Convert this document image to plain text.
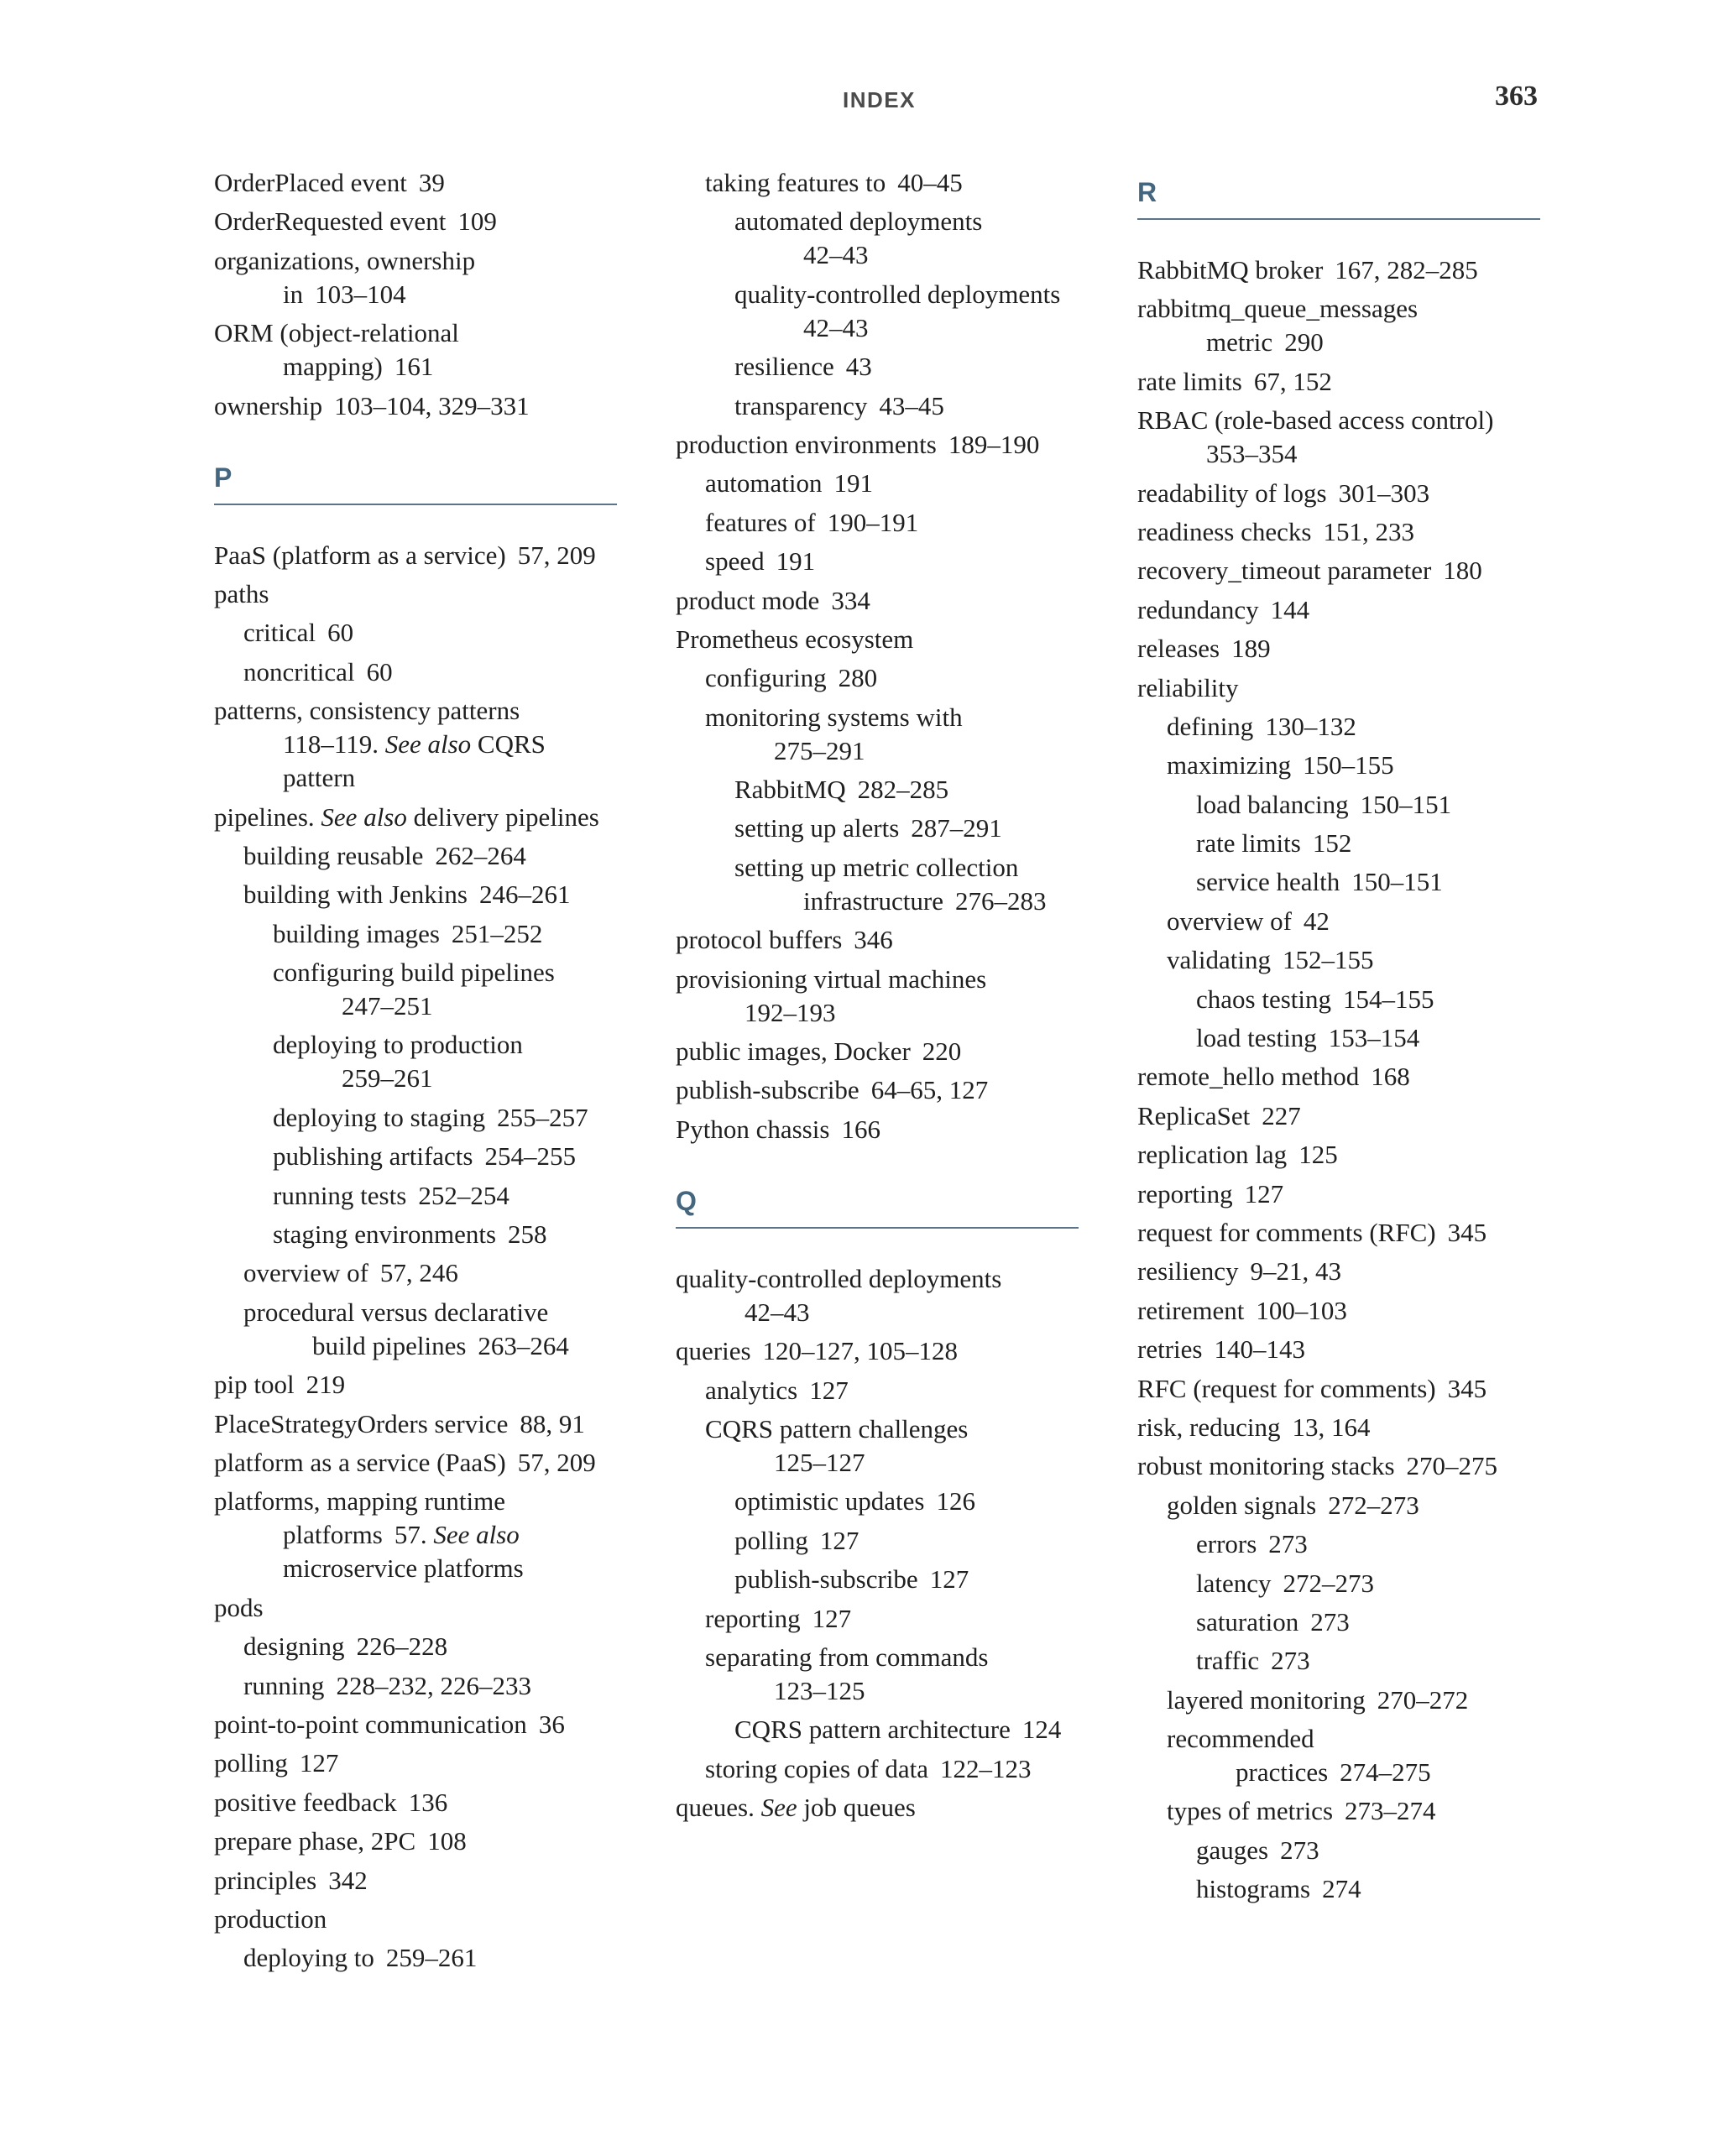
INDEX	363
OrderPlaced event 39
OrderRequested event 109
organizations, ownership
in 103–104
ORM (object-relational
mapping) 161
ownership 103–104, 329–331
P
PaaS (platform as a service) 57, 209
paths
critical 60
noncritical 60
patterns, consistency patterns
118–119. See also CQRS
pattern
pipelines. See also delivery pipelines
building reusable 262–264
building with Jenkins 246–261
building images 251–252
configuring build pipelines
247–251
deploying to production
259–261
deploying to staging 255–257
publishing artifacts 254–255
running tests 252–254
staging environments 258
overview of 57, 246
procedural versus declarative
build pipelines 263–264
pip tool 219
PlaceStrategyOrders service 88, 91
platform as a service (PaaS) 57, 209
platforms, mapping runtime
platforms 57. See also
microservice platforms
pods
designing 226–228
running 228–232, 226–233
point-to-point communication 36
polling 127
positive feedback 136
prepare phase, 2PC 108
principles 342
production
deploying to 259–261
taking features to 40–45
automated deployments
42–43
quality-controlled deployments
42–43
resilience 43
transparency 43–45
production environments 189–190
automation 191
features of 190–191
speed 191
product mode 334
Prometheus ecosystem
configuring 280
monitoring systems with
275–291
RabbitMQ 282–285
setting up alerts 287–291
setting up metric collection
infrastructure 276–283
protocol buffers 346
provisioning virtual machines
192–193
public images, Docker 220
publish-subscribe 64–65, 127
Python chassis 166
Q
quality-controlled deployments
42–43
queries 120–127, 105–128
analytics 127
CQRS pattern challenges
125–127
optimistic updates 126
polling 127
publish-subscribe 127
reporting 127
separating from commands
123–125
CQRS pattern architecture 124
storing copies of data 122–123
queues. See job queues
R
RabbitMQ broker 167, 282–285
rabbitmq_queue_messages
metric 290
rate limits 67, 152
RBAC (role-based access control)
353–354
readability of logs 301–303
readiness checks 151, 233
recovery_timeout parameter 180
redundancy 144
releases 189
reliability
defining 130–132
maximizing 150–155
load balancing 150–151
rate limits 152
service health 150–151
overview of 42
validating 152–155
chaos testing 154–155
load testing 153–154
remote_hello method 168
ReplicaSet 227
replication lag 125
reporting 127
request for comments (RFC) 345
resiliency 9–21, 43
retirement 100–103
retries 140–143
RFC (request for comments) 345
risk, reducing 13, 164
robust monitoring stacks 270–275
golden signals 272–273
errors 273
latency 272–273
saturation 273
traffic 273
layered monitoring 270–272
recommended
practices 274–275
types of metrics 273–274
gauges 273
histograms 274
